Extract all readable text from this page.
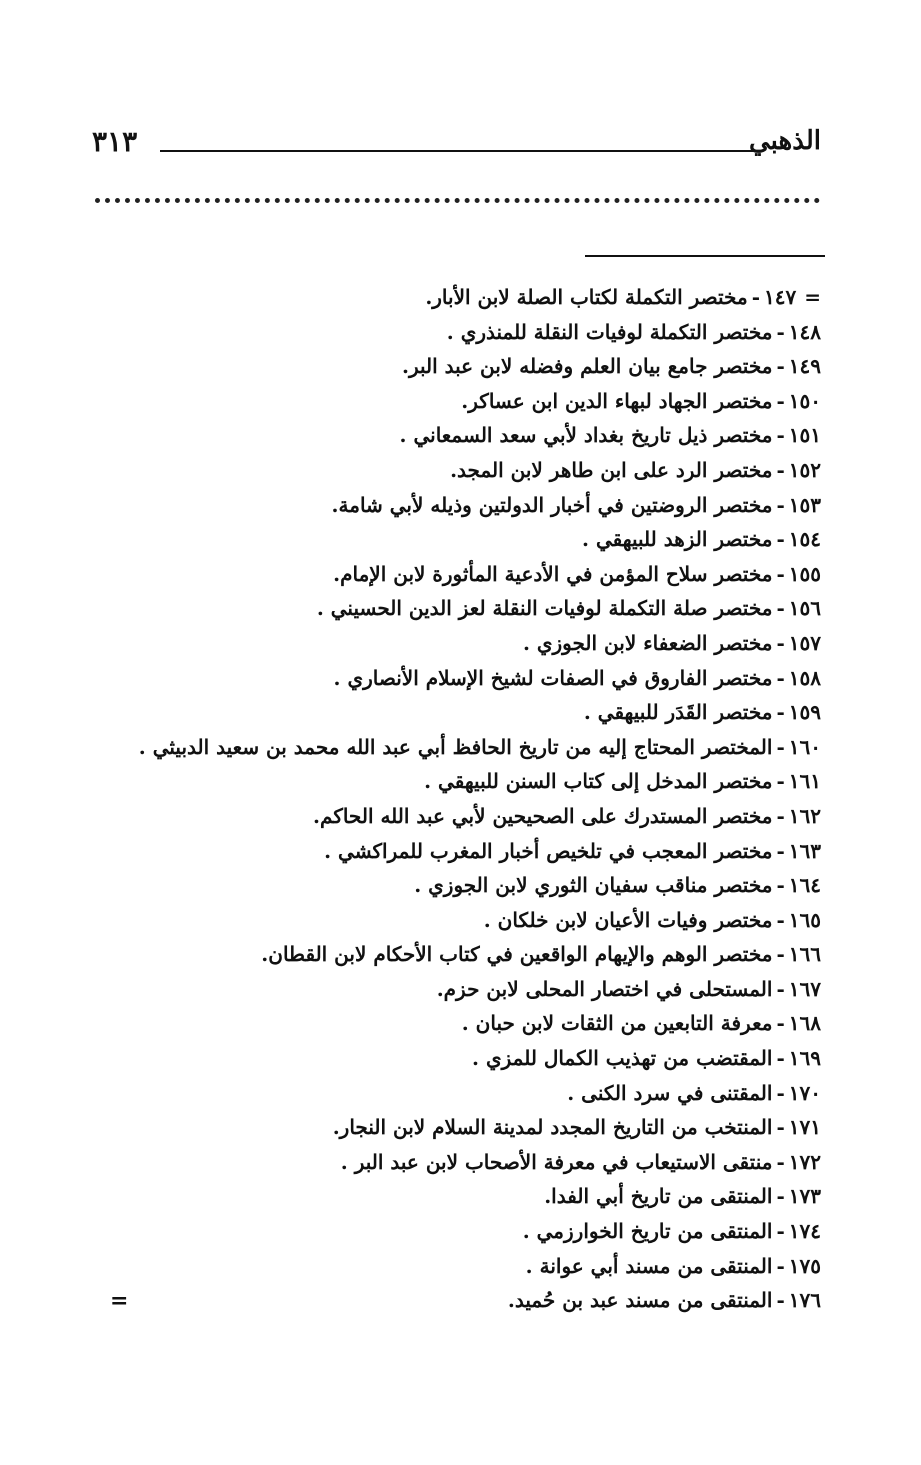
الذهبي
٣١٣
=١٤٧-مختصر التكملة لكتاب الصلة لابن الأبار.
١٤٨-مختصر التكملة لوفيات النقلة للمنذري .
١٤٩-مختصر جامع بيان العلم وفضله لابن عبد البر.
١٥٠-مختصر الجهاد لبهاء الدين ابن عساكر.
١٥١-مختصر ذيل تاريخ بغداد لأبي سعد السمعاني .
١٥٢-مختصر الرد على ابن طاهر لابن المجد.
١٥٣-مختصر الروضتين في أخبار الدولتين وذيله لأبي شامة.
١٥٤-مختصر الزهد للبيهقي .
١٥٥-مختصر سلاح المؤمن في الأدعية المأثورة لابن الإمام.
١٥٦-مختصر صلة التكملة لوفيات النقلة لعز الدين الحسيني .
١٥٧-مختصر الضعفاء لابن الجوزي .
١٥٨-مختصر الفاروق في الصفات لشيخ الإسلام الأنصاري .
١٥٩-مختصر القَدَر للبيهقي .
١٦٠-المختصر المحتاج إليه من تاريخ الحافظ أبي عبد الله محمد بن سعيد الدبيثي .
١٦١-مختصر المدخل إلى كتاب السنن للبيهقي .
١٦٢-مختصر المستدرك على الصحيحين لأبي عبد الله الحاكم.
١٦٣-مختصر المعجب في تلخيص أخبار المغرب للمراكشي .
١٦٤-مختصر مناقب سفيان الثوري لابن الجوزي .
١٦٥-مختصر وفيات الأعيان لابن خلكان .
١٦٦-مختصر الوهم والإيهام الواقعين في كتاب الأحكام لابن القطان.
١٦٧-المستحلى في اختصار المحلى لابن حزم.
١٦٨-معرفة التابعين من الثقات لابن حبان .
١٦٩-المقتضب من تهذيب الكمال للمزي .
١٧٠-المقتنى في سرد الكنى .
١٧١-المنتخب من التاريخ المجدد لمدينة السلام لابن النجار.
١٧٢-منتقى الاستيعاب في معرفة الأصحاب لابن عبد البر .
١٧٣-المنتقى من تاريخ أبي الفدا.
١٧٤-المنتقى من تاريخ الخوارزمي .
١٧٥-المنتقى من مسند أبي عوانة .
١٧٦-المنتقى من مسند عبد بن حُميد.
=
